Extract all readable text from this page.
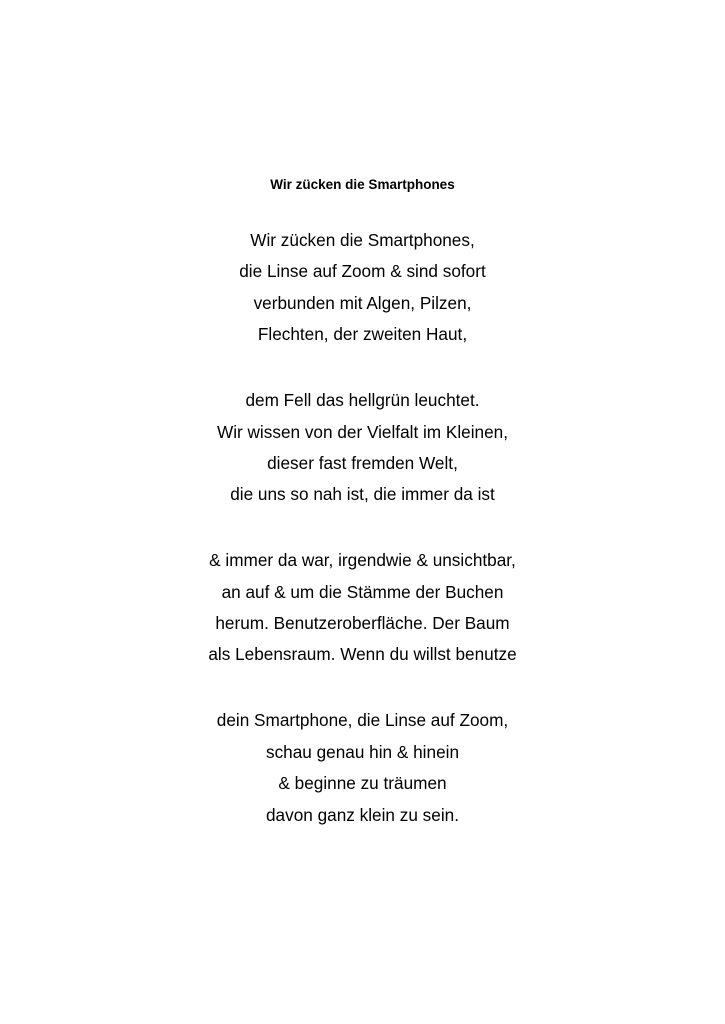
Wir zücken die Smartphones
Wir zücken die Smartphones,
die Linse auf Zoom & sind sofort
verbunden mit Algen, Pilzen,
Flechten, der zweiten Haut,
dem Fell das hellgrün leuchtet.
Wir wissen von der Vielfalt im Kleinen,
dieser fast fremden Welt,
die uns so nah ist, die immer da ist
& immer da war, irgendwie & unsichtbar,
an auf & um die Stämme der Buchen
herum. Benutzeroberfläche. Der Baum
als Lebensraum. Wenn du willst benutze
dein Smartphone, die Linse auf Zoom,
schau genau hin & hinein
& beginne zu träumen
davon ganz klein zu sein.
